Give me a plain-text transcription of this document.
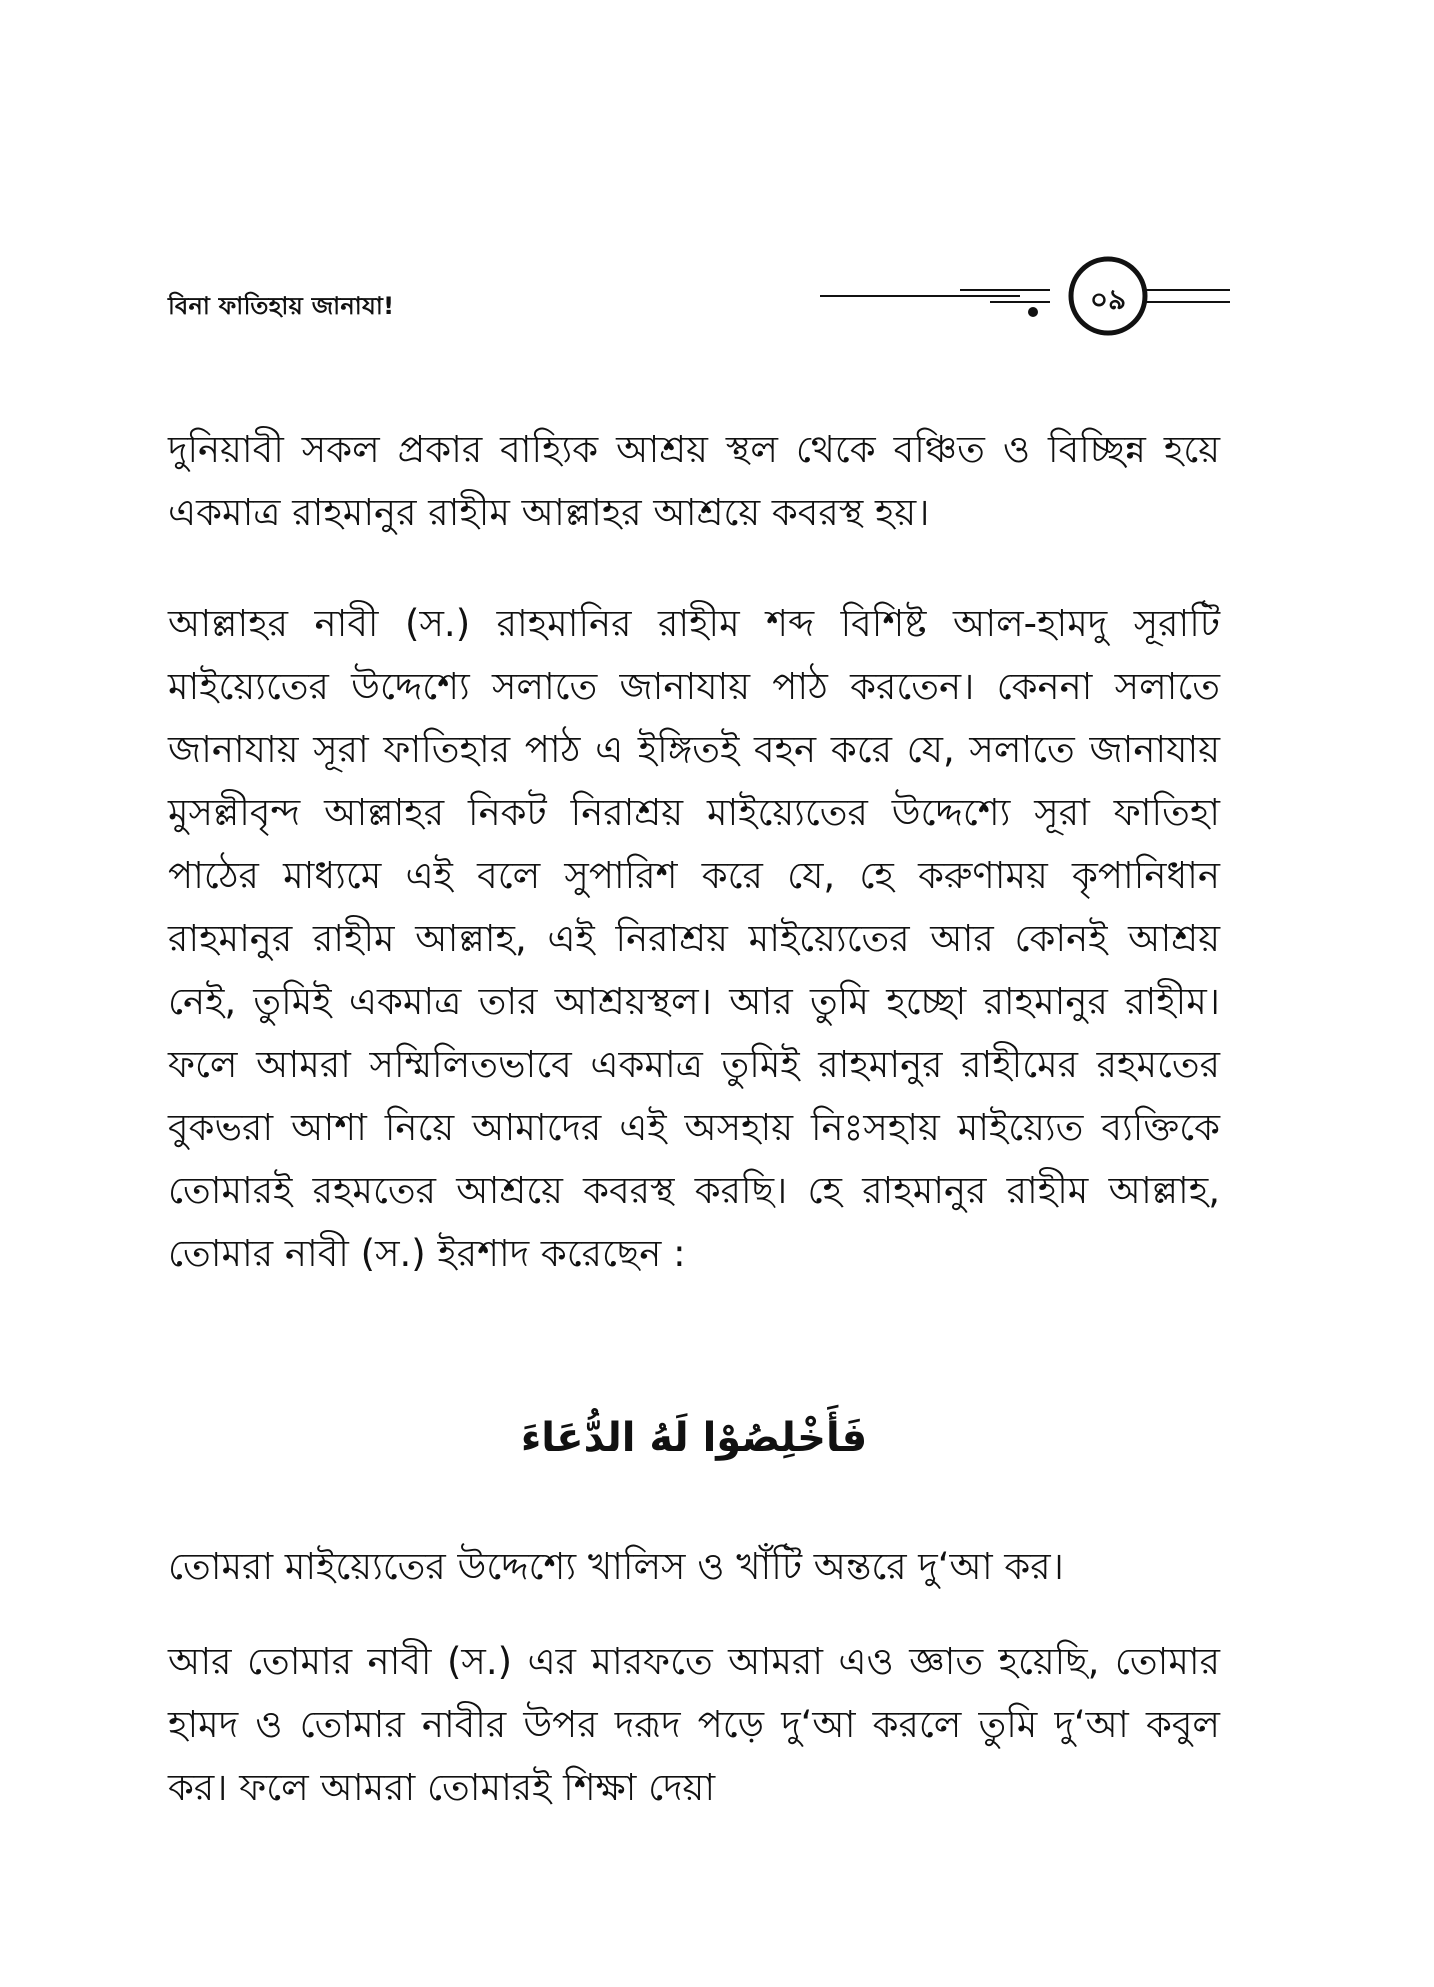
বিনা ফাতিহায় জানাযা!	০৯

দুনিয়াবী সকল প্রকার বাহ্যিক আশ্রয় স্থল থেকে বঞ্চিত ও বিচ্ছিন্ন হয়ে একমাত্র রাহমানুর রাহীম আল্লাহর আশ্রয়ে কবরস্থ হয়।

আল্লাহর নাবী (স.) রাহমানির রাহীম শব্দ বিশিষ্ট আল-হামদু সূরাটি মাইয়্যেতের উদ্দেশ্যে সলাতে জানাযায় পাঠ করতেন। কেননা সলাতে জানাযায় সূরা ফাতিহার পাঠ এ ইঙ্গিতই বহন করে যে, সলাতে জানাযায় মুসল্লীবৃন্দ আল্লাহর নিকট নিরাশ্রয় মাইয়্যেতের উদ্দেশ্যে সূরা ফাতিহা পাঠের মাধ্যমে এই বলে সুপারিশ করে যে, হে করুণাময় কৃপানিধান রাহমানুর রাহীম আল্লাহ, এই নিরাশ্রয় মাইয়্যেতের আর কোনই আশ্রয় নেই, তুমিই একমাত্র তার আশ্রয়স্থল। আর তুমি হচ্ছো রাহমানুর রাহীম। ফলে আমরা সম্মিলিতভাবে একমাত্র তুমিই রাহমানুর রাহীমের রহমতের বুকভরা আশা নিয়ে আমাদের এই অসহায় নিঃসহায় মাইয়্যেত ব্যক্তিকে তোমারই রহমতের আশ্রয়ে কবরস্থ করছি। হে রাহমানুর রাহীম আল্লাহ, তোমার নাবী (স.) ইরশাদ করেছেন :

فَأَخْلِصُوْا لَهُ الدُّعَاءَ

তোমরা মাইয়্যেতের উদ্দেশ্যে খালিস ও খাঁটি অন্তরে দু‘আ কর।

আর তোমার নাবী (স.) এর মারফতে আমরা এও জ্ঞাত হয়েছি, তোমার হামদ ও তোমার নাবীর উপর দরূদ পড়ে দু‘আ করলে তুমি দু‘আ কবুল কর। ফলে আমরা তোমারই শিক্ষা দেয়া
